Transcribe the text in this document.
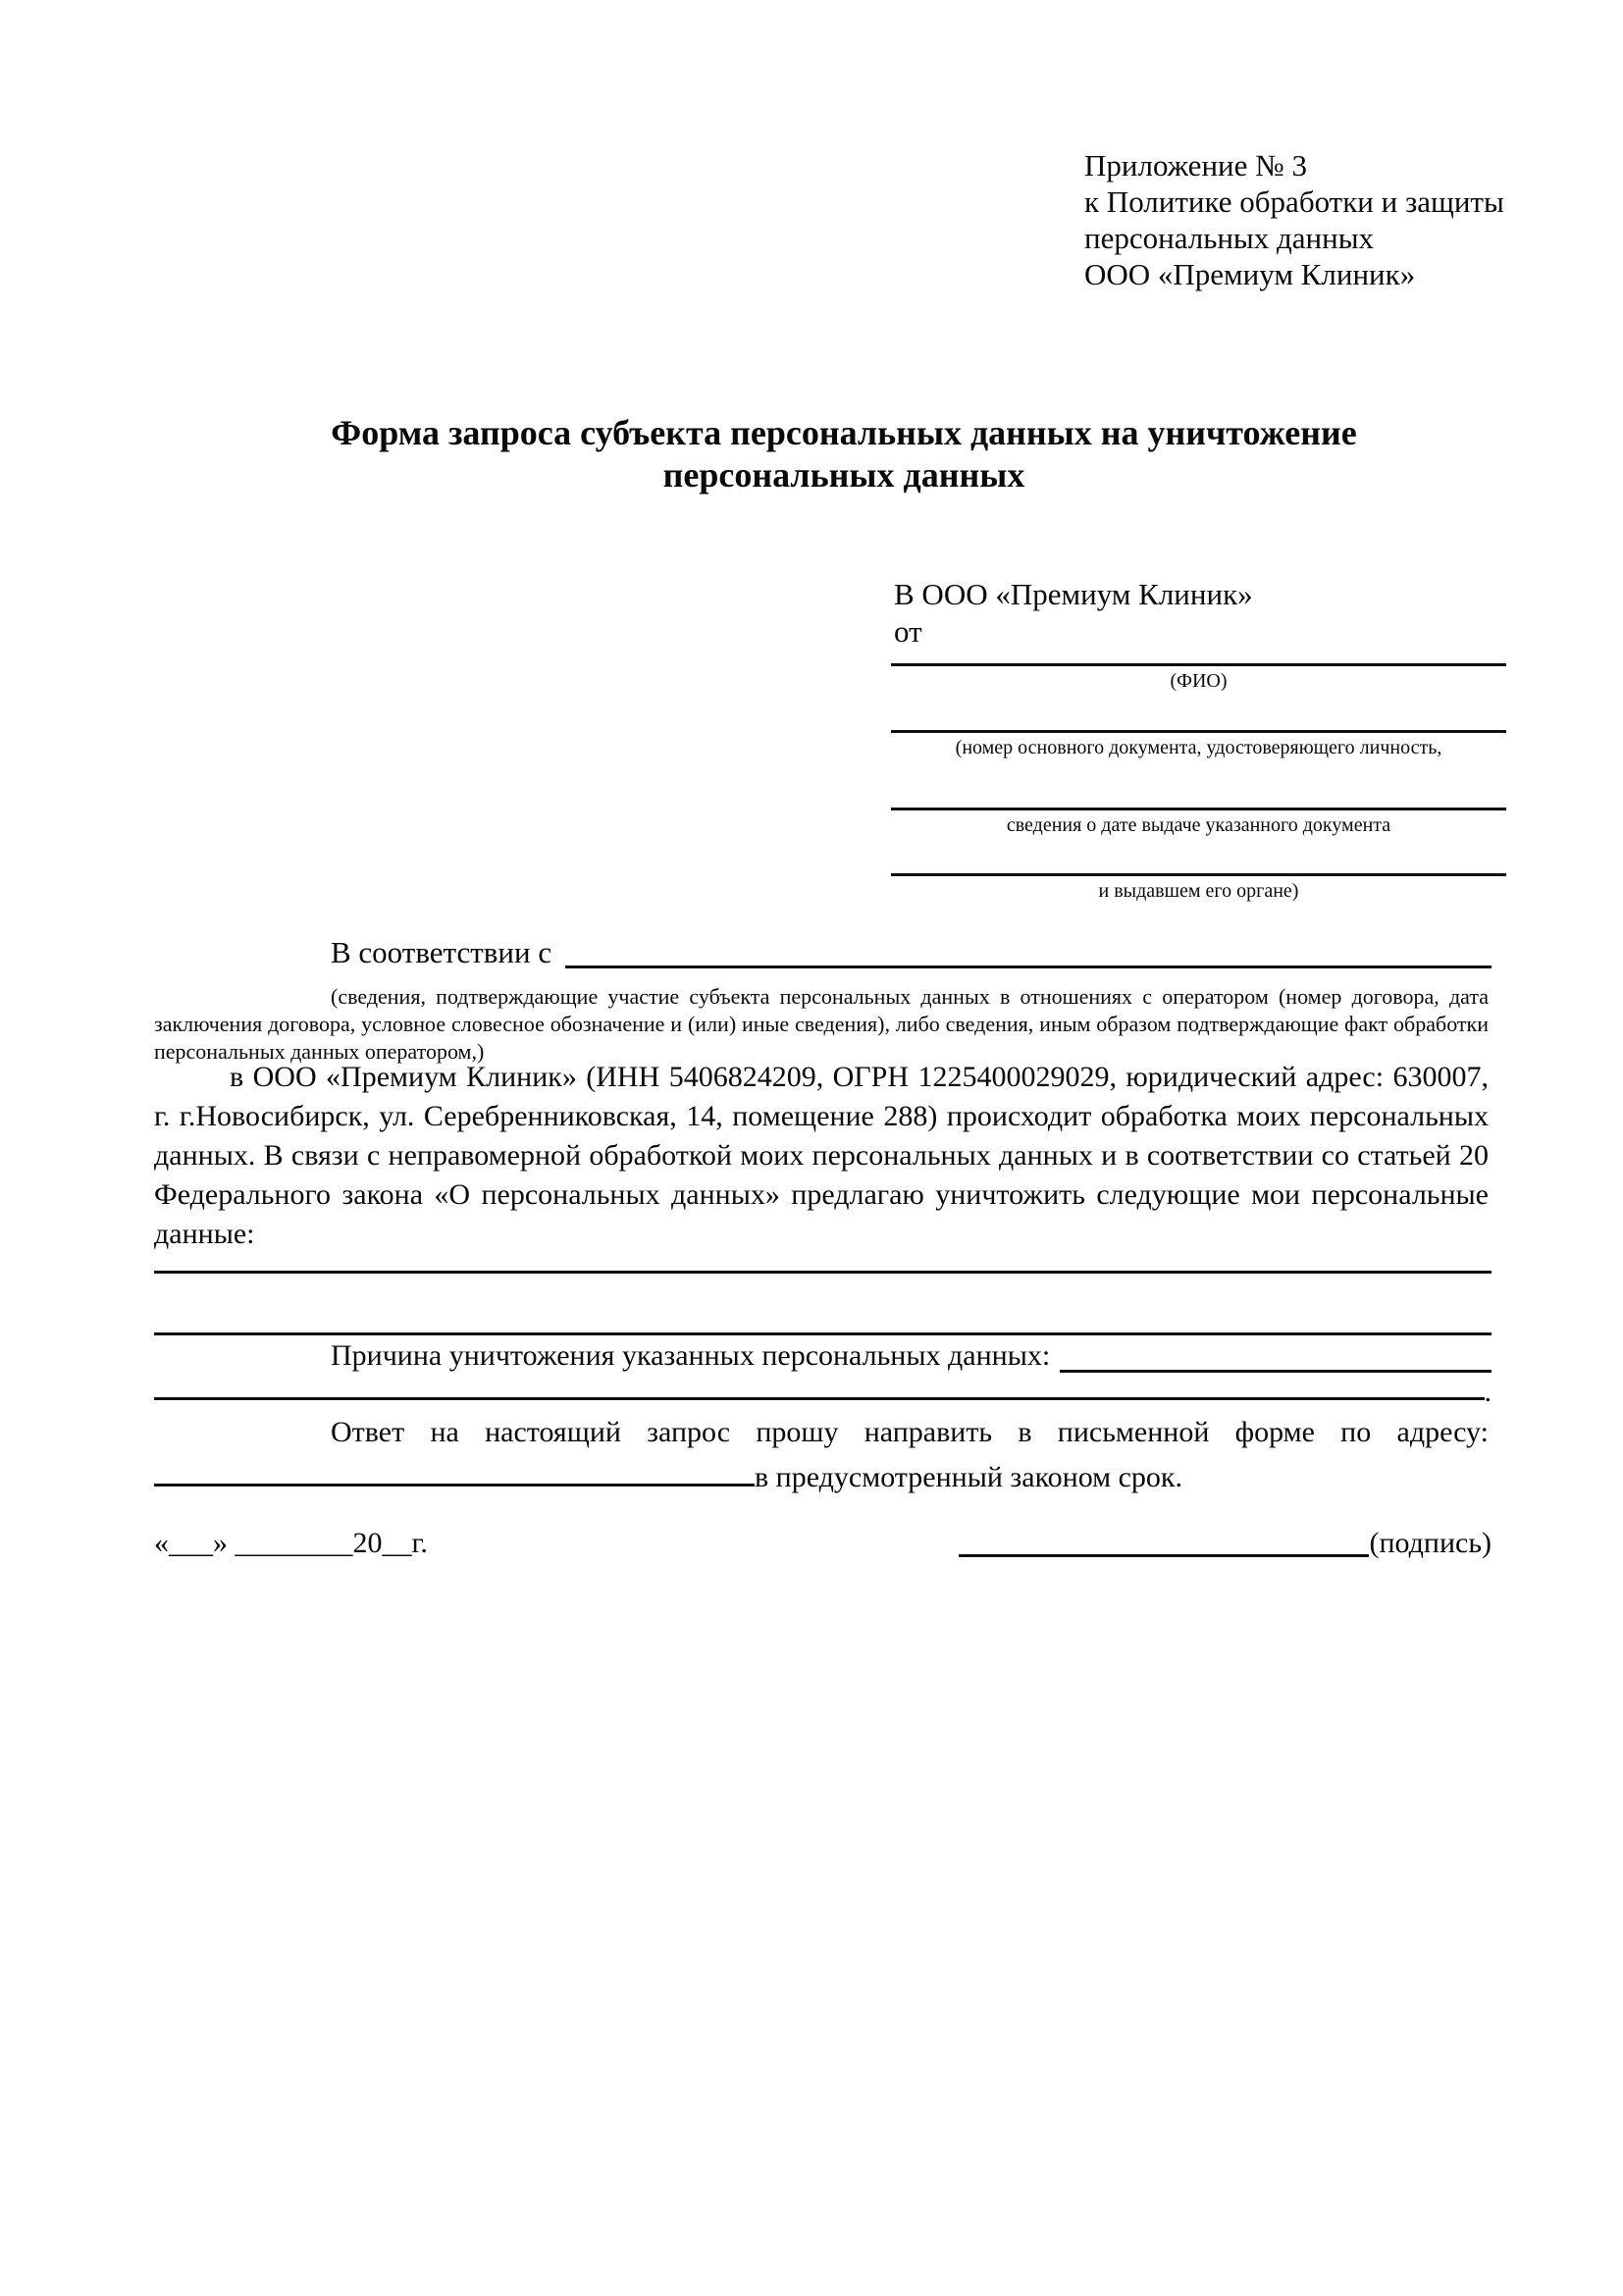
Приложение № 3
к Политике обработки и защиты
персональных данных
ООО «Премиум Клиник»
Форма запроса субъекта персональных данных на уничтожение
персональных данных
В ООО «Премиум Клиник»
от
(ФИО)
(номер основного документа, удостоверяющего личность,
сведения о дате выдаче указанного документа
и выдавшем его органе)
В соответствии с

(сведения, подтверждающие участие субъекта персональных данных в отношениях с оператором (номер договора, дата заключения договора, условное словесное обозначение и (или) иные сведения), либо сведения, иным образом подтверждающие факт обработки персональных данных оператором,)

в ООО «Премиум Клиник» (ИНН 5406824209, ОГРН 1225400029029, юридический адрес: 630007, г. г.Новосибирск, ул. Серебренниковская, 14, помещение 288) происходит обработка моих персональных данных. В связи с неправомерной обработкой моих персональных данных и в соответствии со статьей 20 Федерального закона «О персональных данных» предлагаю уничтожить следующие мои персональные данные:

Причина уничтожения указанных персональных данных:
.

Ответ на настоящий запрос прошу направить в письменной форме по адресу: в предусмотренный законом срок.

«___» ________20__г.	(подпись)
